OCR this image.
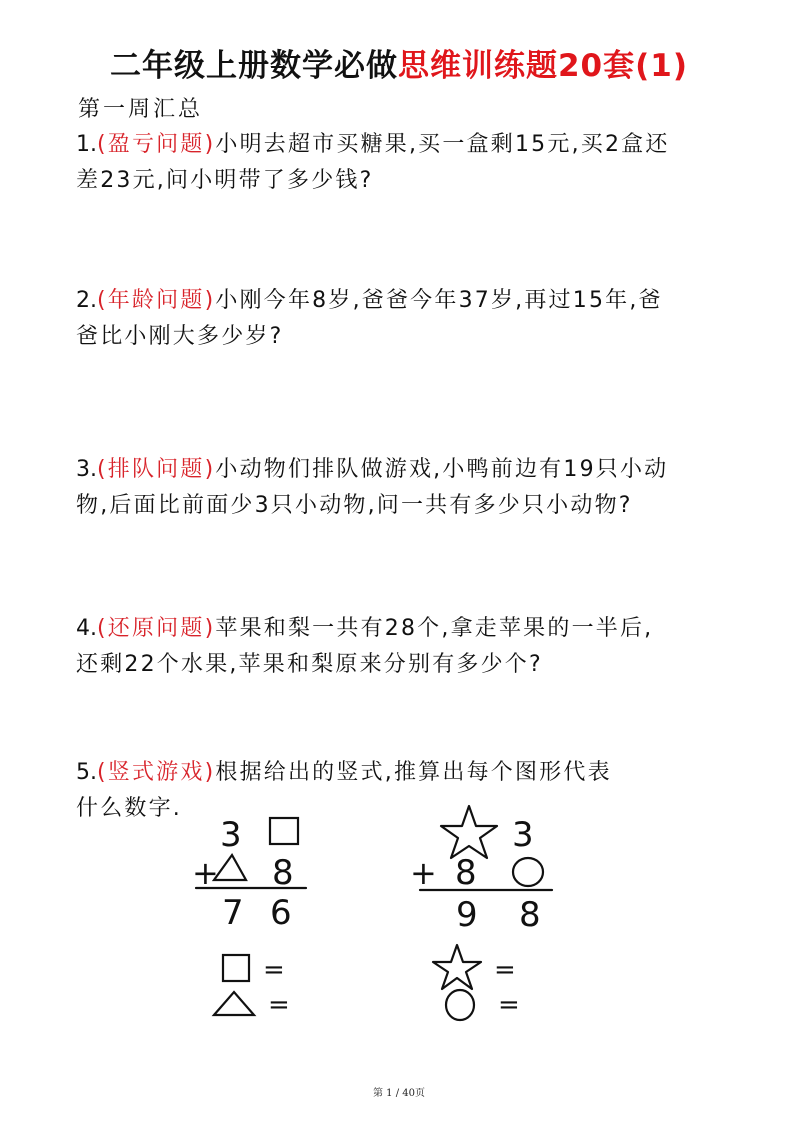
二年级上册数学必做思维训练题20套(1)
第一周汇总
1.(盈亏问题)小明去超市买糖果,买一盒剩15元,买2盒还
差23元,问小明带了多少钱?
2.(年龄问题)小刚今年8岁,爸爸今年37岁,再过15年,爸
爸比小刚大多少岁?
3.(排队问题)小动物们排队做游戏,小鸭前边有19只小动
物,后面比前面少3只小动物,问一共有多少只小动物?
4.(还原问题)苹果和梨一共有28个,拿走苹果的一半后,
还剩22个水果,苹果和梨原来分别有多少个?
5.(竖式游戏)根据给出的竖式,推算出每个图形代表
什么数字.
3
+ 8
7 6
=
=
3
+ 8
9 8
=
=
第 1 / 40页
